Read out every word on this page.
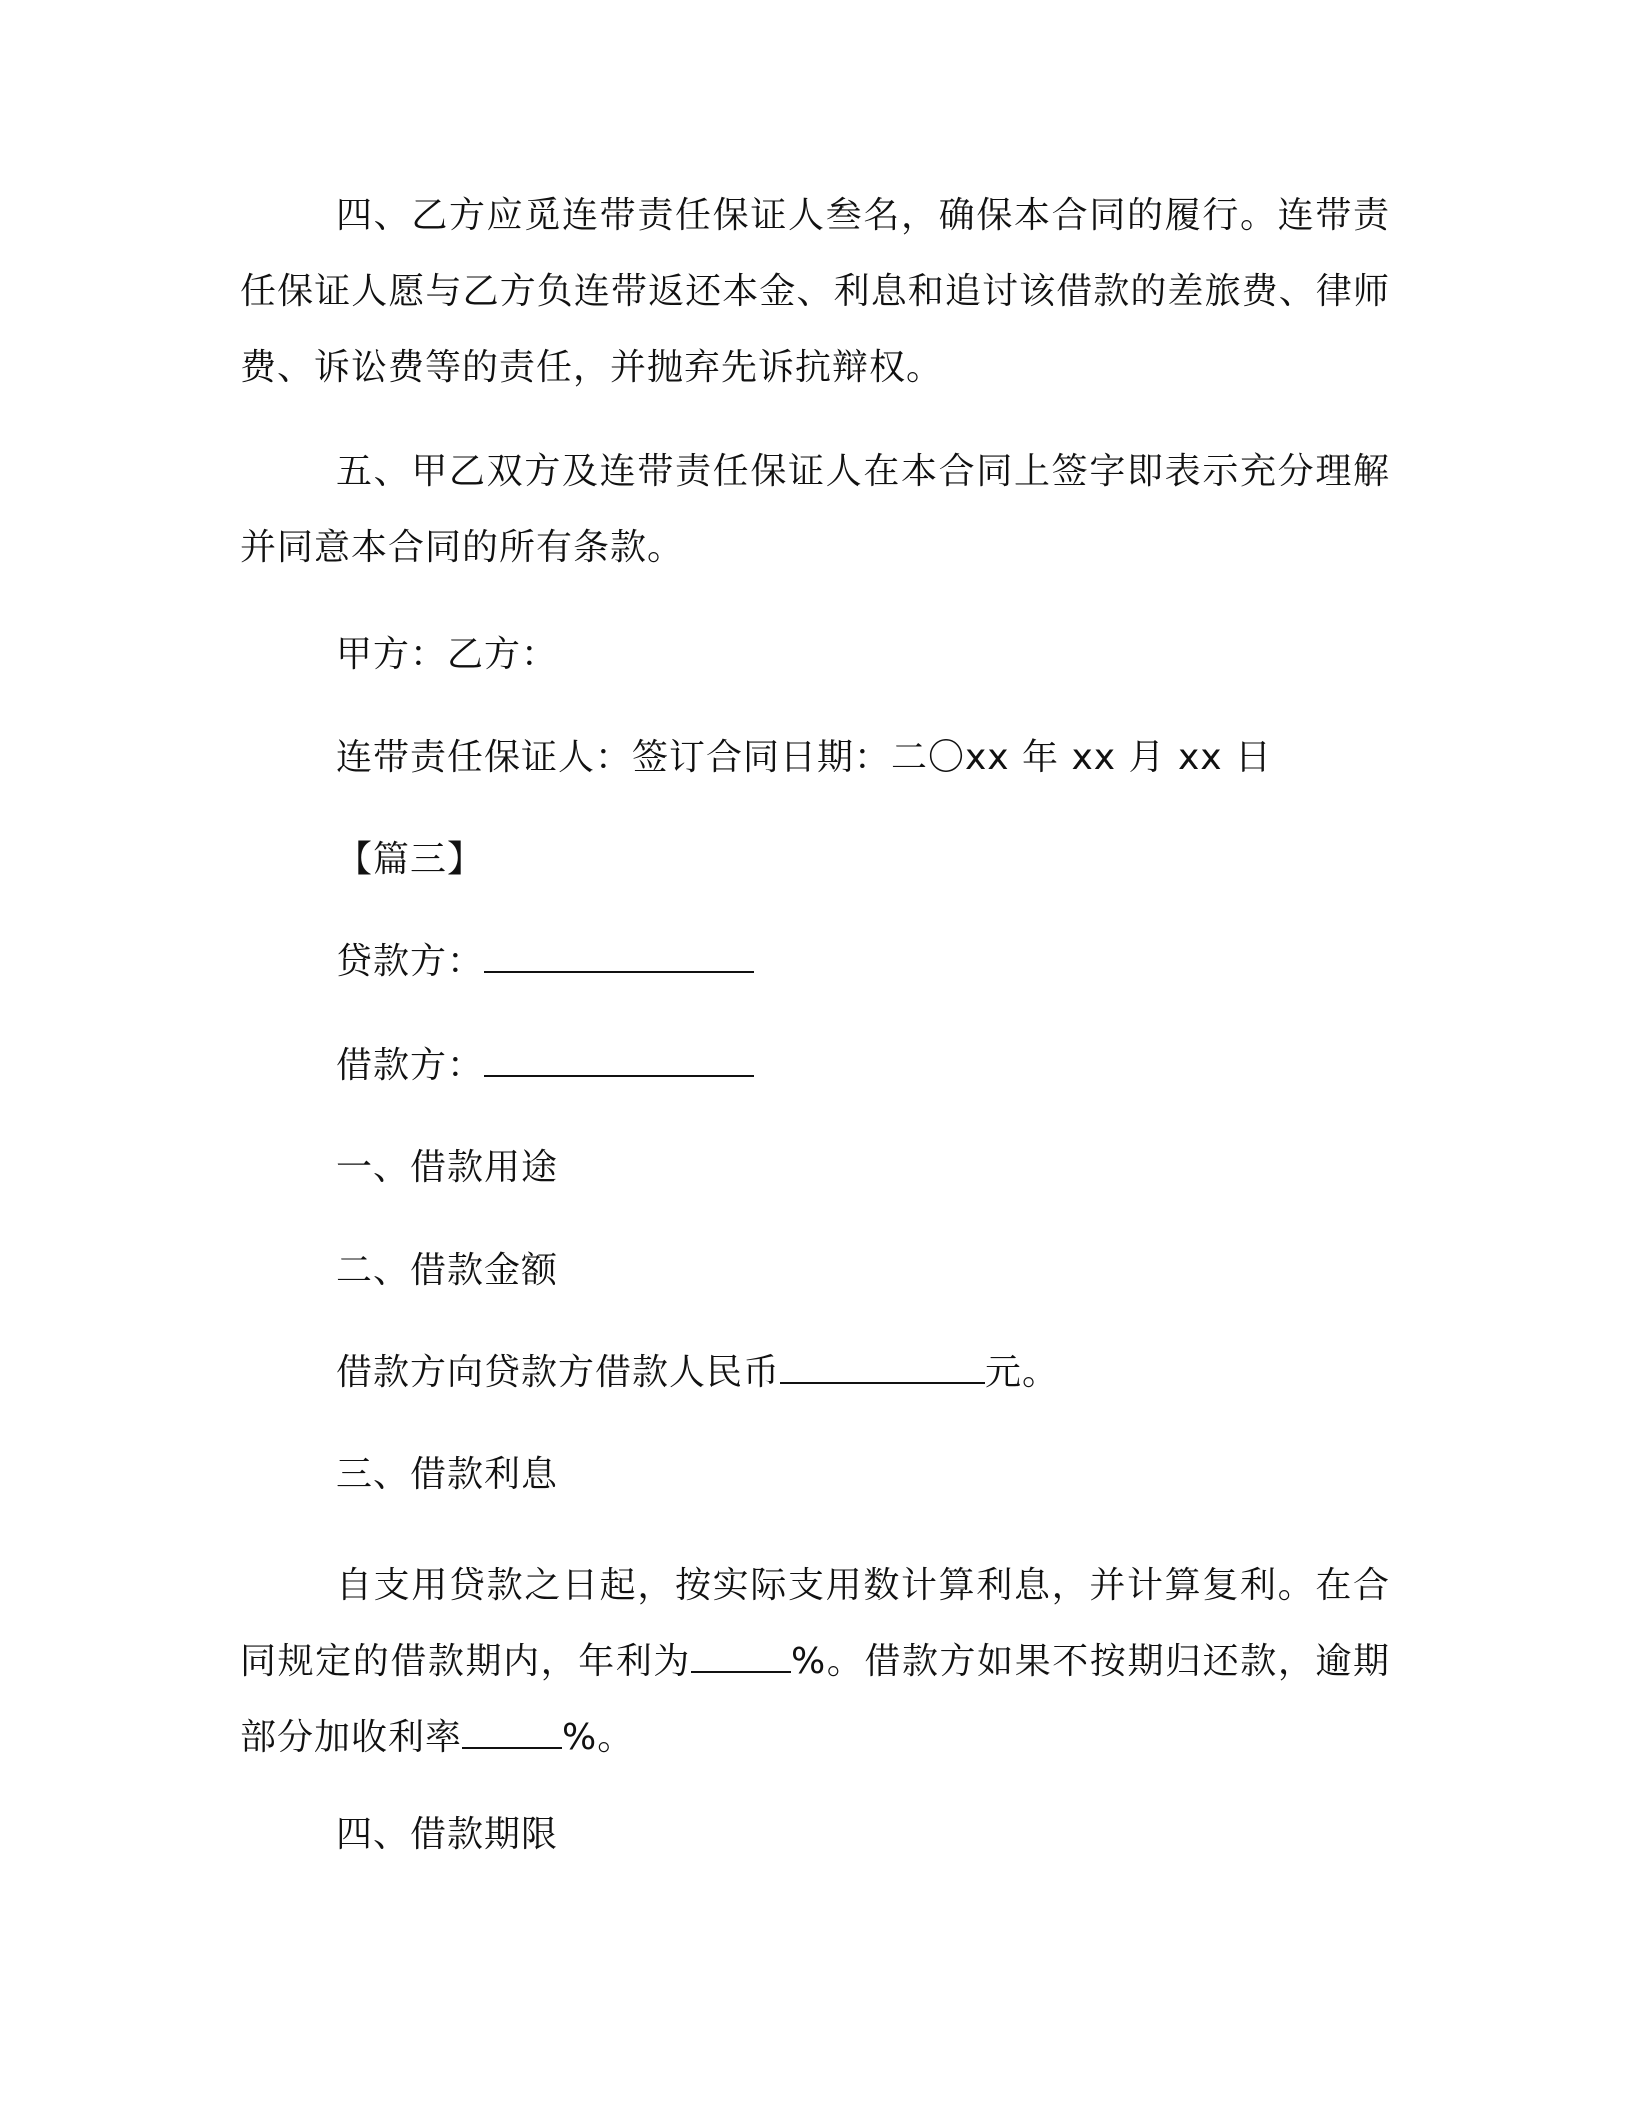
四、乙方应觅连带责任保证人叁名，确保本合同的履行。连带责任保证人愿与乙方负连带返还本金、利息和追讨该借款的差旅费、律师费、诉讼费等的责任，并抛弃先诉抗辩权。

五、甲乙双方及连带责任保证人在本合同上签字即表示充分理解并同意本合同的所有条款。

甲方：乙方：

连带责任保证人：签订合同日期：二〇xx 年 xx 月 xx 日

【篇三】

贷款方：

借款方：

一、借款用途

二、借款金额

借款方向贷款方借款人民币	元。

三、借款利息

自支用贷款之日起，按实际支用数计算利息，并计算复利。在合同规定的借款期内，年利为	%。借款方如果不按期归还款，逾期部分加收利率	%。

四、借款期限
